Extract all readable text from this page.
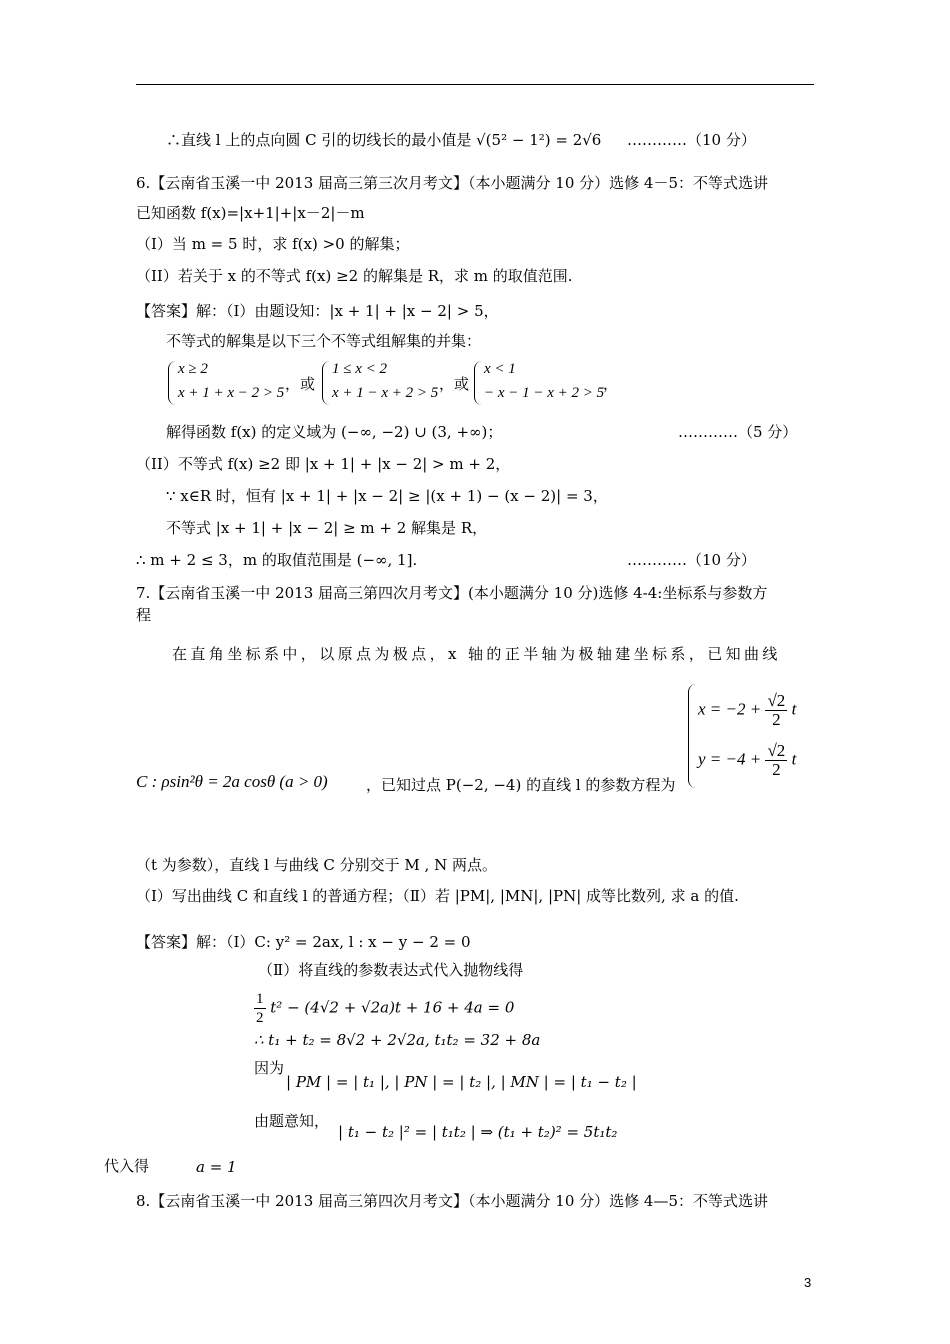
∴直线 l 上的点向圆 C 引的切线长的最小值是 √(5² − 1²) = 2√6 …………（10 分）
6.【云南省玉溪一中 2013 届高三第三次月考文】（本小题满分 10 分）选修 4－5：不等式选讲
已知函数 f(x)=|x+1|+|x－2|－m
（I）当 m = 5 时，求 f(x) >0 的解集；
（II）若关于 x 的不等式 f(x) ≥2 的解集是 R，求 m 的取值范围.
【答案】解：（I）由题设知：|x + 1| + |x − 2| > 5，
不等式的解集是以下三个不等式组解集的并集：
x ≥ 2
x + 1 + x − 2 > 5 ，或
1 ≤ x < 2
x + 1 − x + 2 > 5 ，或
x < 1
− x − 1 − x + 2 > 5
，
解得函数 f(x) 的定义域为 (−∞, −2) ∪ (3, +∞)；	…………（5 分）
（II）不等式 f(x) ≥2 即 |x + 1| + |x − 2| > m + 2，
∵ x∈R 时，恒有 |x + 1| + |x − 2| ≥ |(x + 1) − (x − 2)| = 3，
不等式 |x + 1| + |x − 2| ≥ m + 2 解集是 R，
∴ m + 2 ≤ 3，m 的取值范围是 (−∞, 1].	…………（10 分）
7.【云南省玉溪一中 2013 届高三第四次月考文】(本小题满分 10 分)选修 4-4:坐标系与参数方
程
在直角坐标系中，以原点为极点，x 轴的正半轴为极轴建坐标系，已知曲线
C : ρsin²θ = 2a cosθ (a > 0)	，已知过点 P(−2, −4) 的直线 l 的参数方程为
$x = -2 + \frac{√2}{2}$ t
$y = -4 + \frac{√2}{2}$ t
（t 为参数），直线 l 与曲线 C 分别交于 M , N 两点。
（Ⅰ）写出曲线 C 和直线 l 的普通方程；（Ⅱ）若 |PM|, |MN|, |PN| 成等比数列, 求 a 的值.
【答案】解：（Ⅰ）C: y² = 2ax, l : x − y − 2 = 0
（Ⅱ）将直线的参数表达式代入抛物线得
$\frac{1}{2} t^2 - (4√2 + √2a)t + 16 + 4a = 0$
∴ t₁ + t₂ = 8√2 + 2√2a, t₁t₂ = 32 + 8a
因为
| PM | = | t₁ |, | PN | = | t₂ |, | MN | = | t₁ − t₂ |
由题意知，
| t₁ − t₂ |² = | t₁t₂ | ⇒ (t₁ + t₂)² = 5t₁t₂
代入得	a = 1
8.【云南省玉溪一中 2013 届高三第四次月考文】（本小题满分 10 分）选修 4—5：不等式选讲
3
